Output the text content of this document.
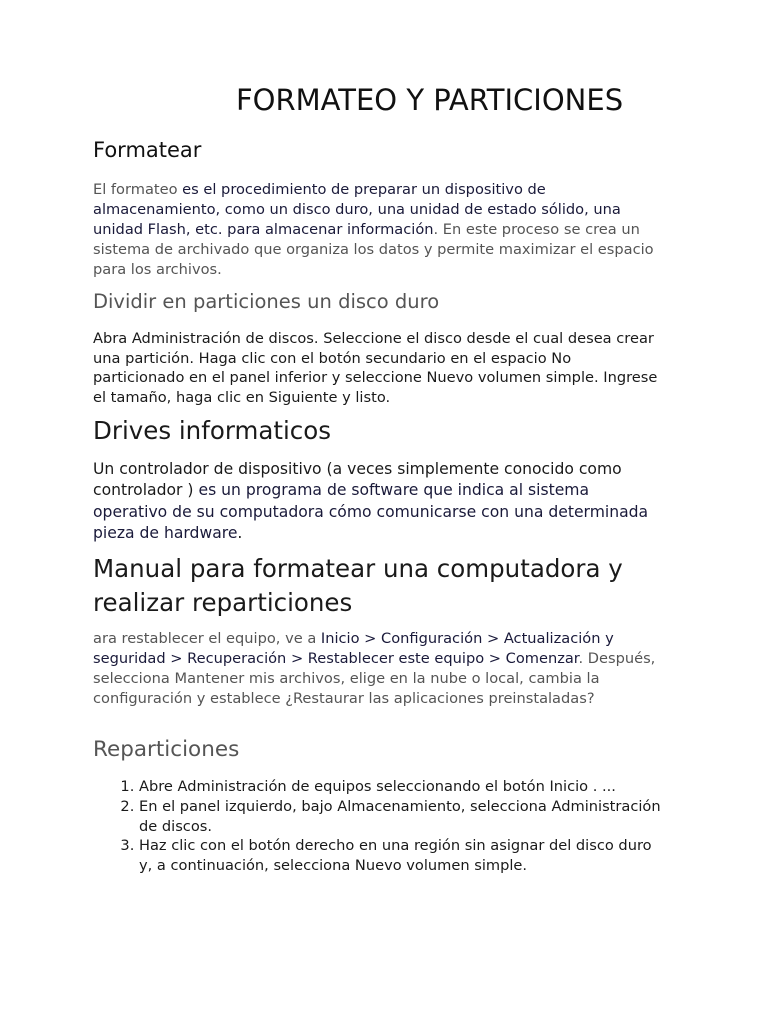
FORMATEO Y PARTICIONES
Formatear

El formateo es el procedimiento de preparar un dispositivo de almacenamiento, como un disco duro, una unidad de estado sólido, una unidad Flash, etc. para almacenar información. En este proceso se crea un sistema de archivado que organiza los datos y permite maximizar el espacio para los archivos.

Dividir en particiones un disco duro

Abra Administración de discos. Seleccione el disco desde el cual desea crear una partición. Haga clic con el botón secundario en el espacio No particionado en el panel inferior y seleccione Nuevo volumen simple. Ingrese el tamaño, haga clic en Siguiente y listo.

Drives informaticos

Un controlador de dispositivo (a veces simplemente conocido como controlador ) es un programa de software que indica al sistema operativo de su computadora cómo comunicarse con una determinada pieza de hardware.

Manual para formatear una computadora y realizar reparticiones

ara restablecer el equipo, ve a Inicio > Configuración > Actualización y seguridad > Recuperación > Restablecer este equipo > Comenzar. Después, selecciona Mantener mis archivos, elige en la nube o local, cambia la configuración y establece ¿Restaurar las aplicaciones preinstaladas?

Reparticiones
1. Abre Administración de equipos seleccionando el botón Inicio . ...
2. En el panel izquierdo, bajo Almacenamiento, selecciona Administración de discos.
3. Haz clic con el botón derecho en una región sin asignar del disco duro y, a continuación, selecciona Nuevo volumen simple.
